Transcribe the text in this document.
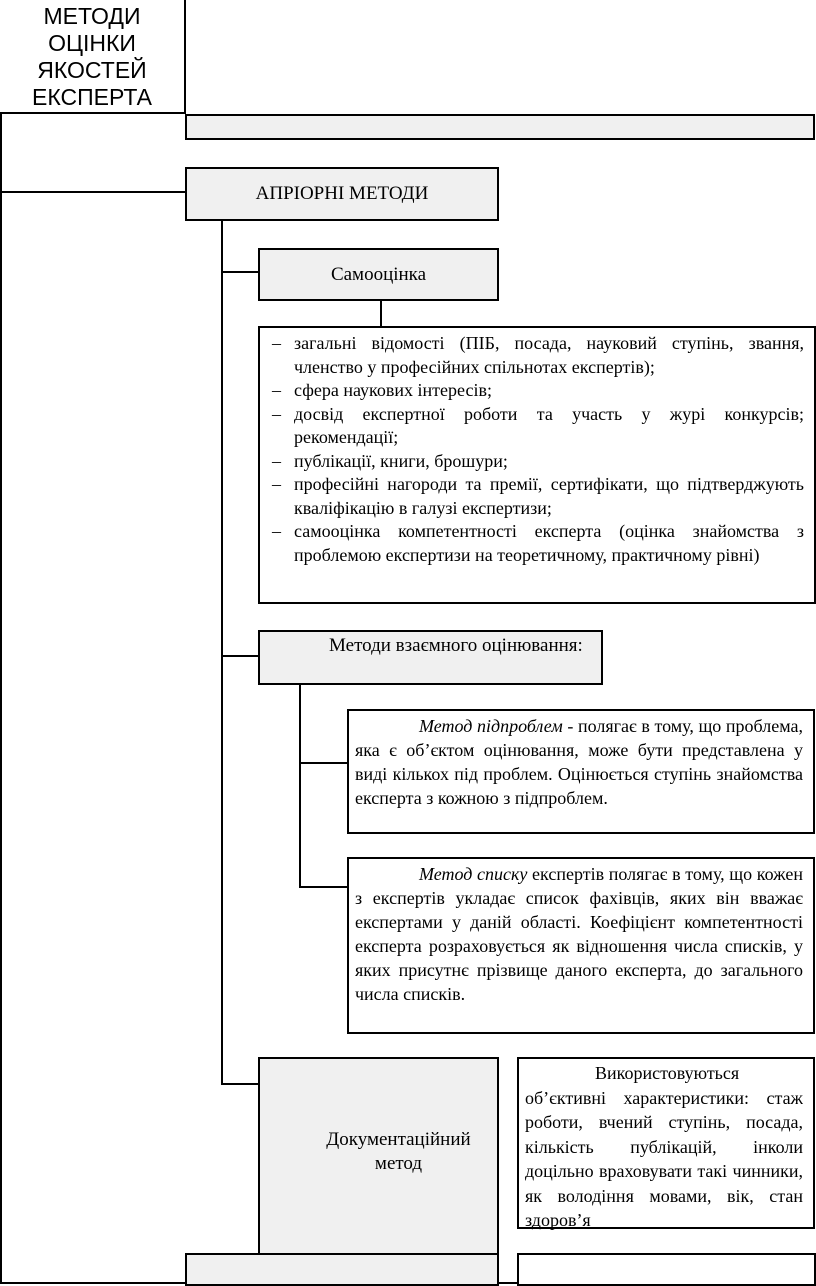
МЕТОДИ
ОЦІНКИ
ЯКОСТЕЙ
ЕКСПЕРТА
АПРІОРНІ МЕТОДИ
Самооцінка
– загальні відомості (ПІБ, посада, науковий ступінь, звання, членство у професійних спільнотах експертів);
– сфера наукових інтересів;
– досвід експертної роботи та участь у журі конкурсів; рекомендації;
– публікації, книги, брошури;
– професійні нагороди та премії, сертифікати, що підтверджують кваліфікацію в галузі експертизи;
– самооцінка компетентності експерта (оцінка знайомства з проблемою експертизи на теоретичному, практичному рівні)
Методи взаємного оцінювання:

Метод підпроблем - полягає в тому, що проблема, яка є об’єктом оцінювання, може бути представлена у виді кількох під проблем. Оцінюється ступінь знайомства експерта з кожною з підпроблем.

Метод списку експертів полягає в тому, що кожен з експертів укладає список фахівців, яких він вважає експертами у даній області. Коефіцієнт компетентності експерта розраховується як відношення числа списків, у яких присутнє прізвище даного експерта, до загального числа списків.

Документаційний метод

Використовуються об’єктивні характеристики: стаж роботи, вчений ступінь, посада, кількість публікацій, інколи доцільно враховувати такі чинники, як володіння мовами, вік, стан здоров’я
